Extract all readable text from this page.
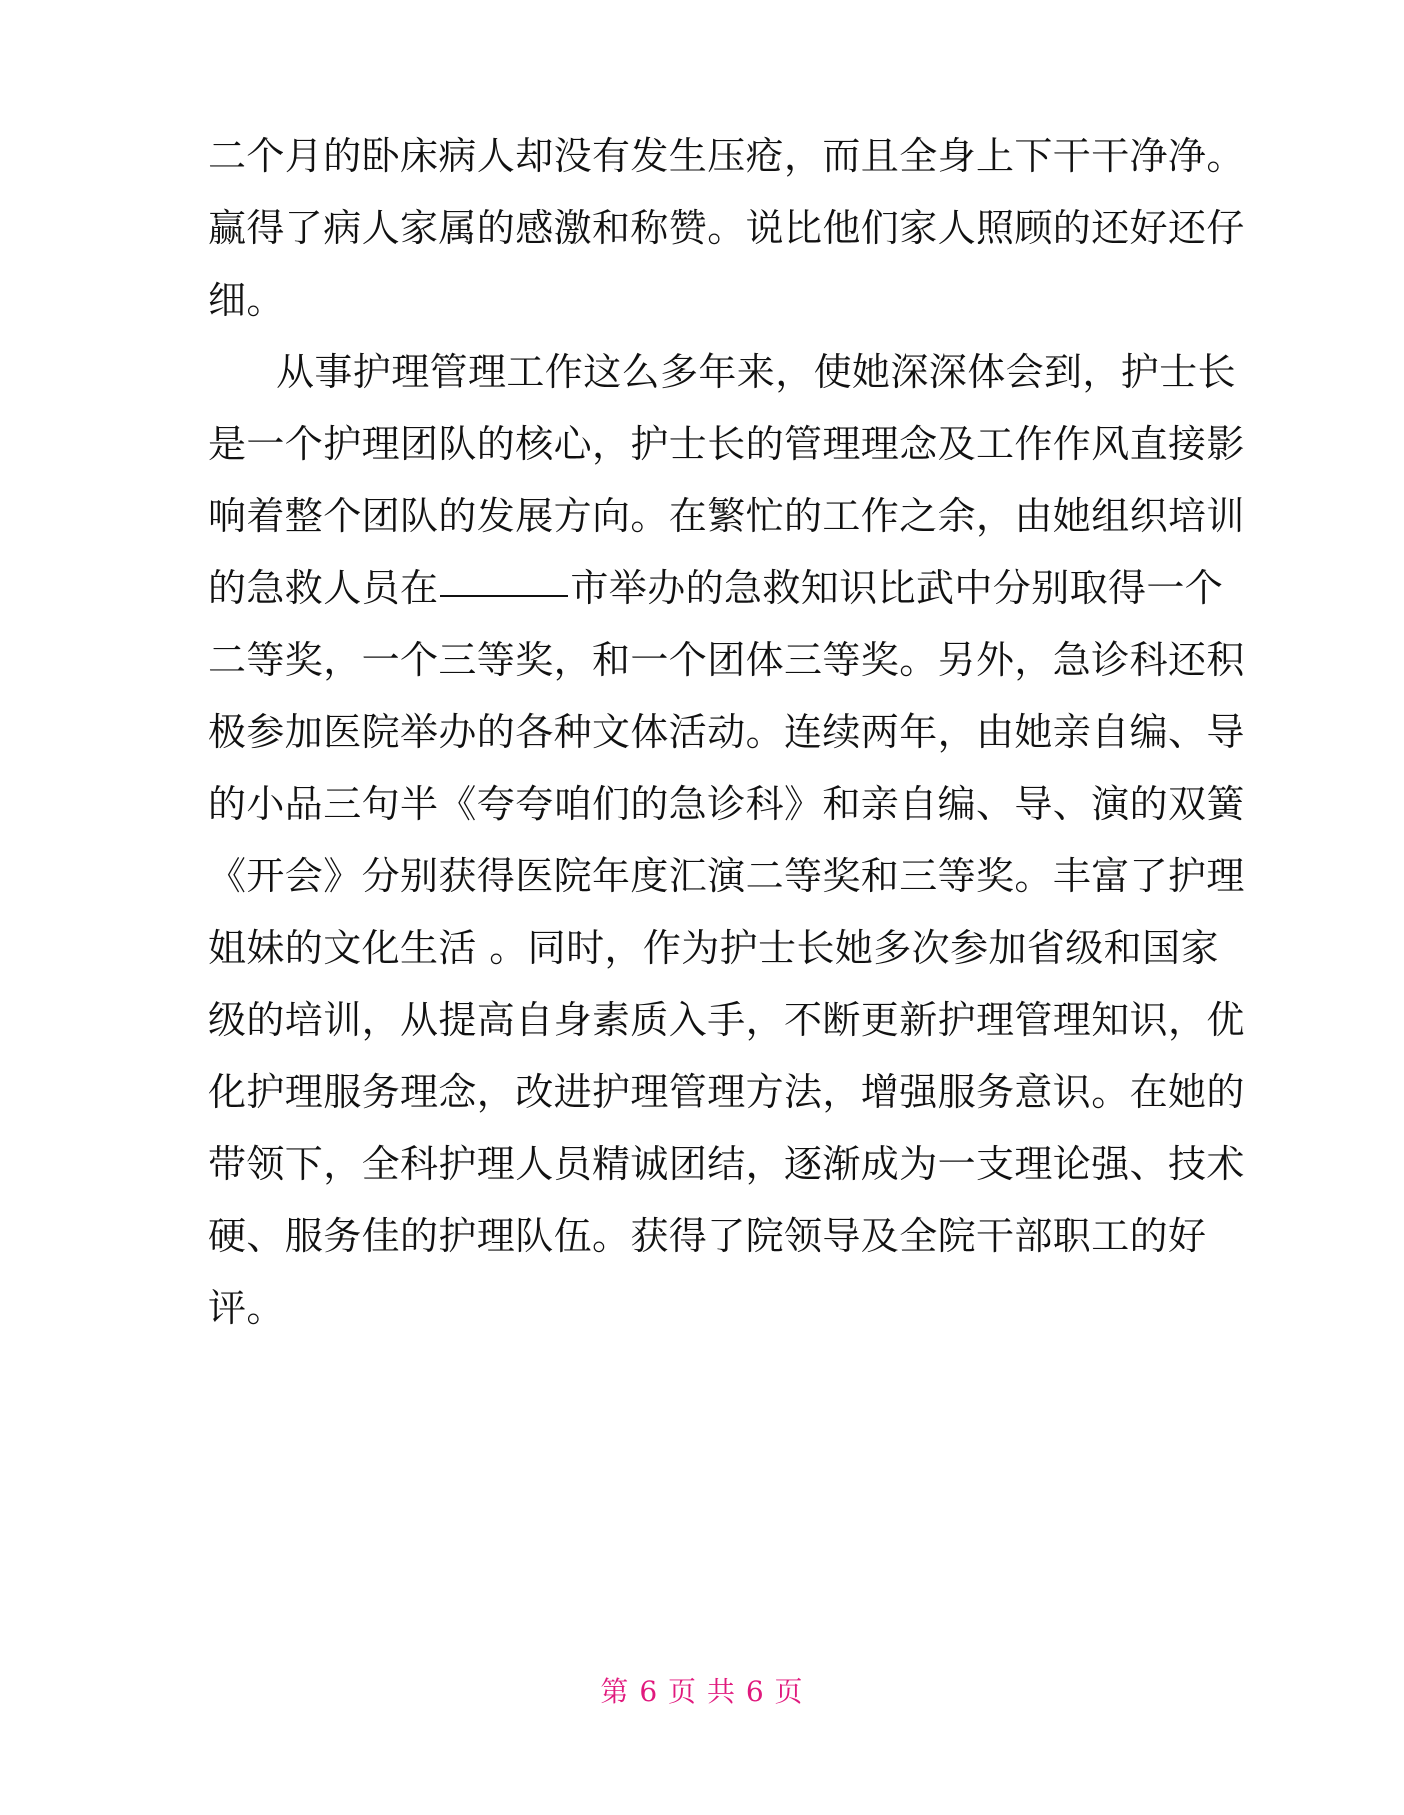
二个月的卧床病人却没有发生压疮，而且全身上下干干净净。
赢得了病人家属的感激和称赞。说比他们家人照顾的还好还仔
细。
从事护理管理工作这么多年来，使她深深体会到，护士长
是一个护理团队的核心，护士长的管理理念及工作作风直接影
响着整个团队的发展方向。在繁忙的工作之余，由她组织培训
的急救人员在	市举办的急救知识比武中分别取得一个
二等奖，一个三等奖，和一个团体三等奖。另外，急诊科还积
极参加医院举办的各种文体活动。连续两年，由她亲自编、导
的小品三句半《夸夸咱们的急诊科》和亲自编、导、演的双簧
《开会》分别获得医院年度汇演二等奖和三等奖。丰富了护理
姐妹的文化生活 。同时，作为护士长她多次参加省级和国家
级的培训，从提高自身素质入手，不断更新护理管理知识，优
化护理服务理念，改进护理管理方法，增强服务意识。在她的
带领下，全科护理人员精诚团结，逐渐成为一支理论强、技术
硬、服务佳的护理队伍。获得了院领导及全院干部职工的好
评。
第 6 页 共 6 页
